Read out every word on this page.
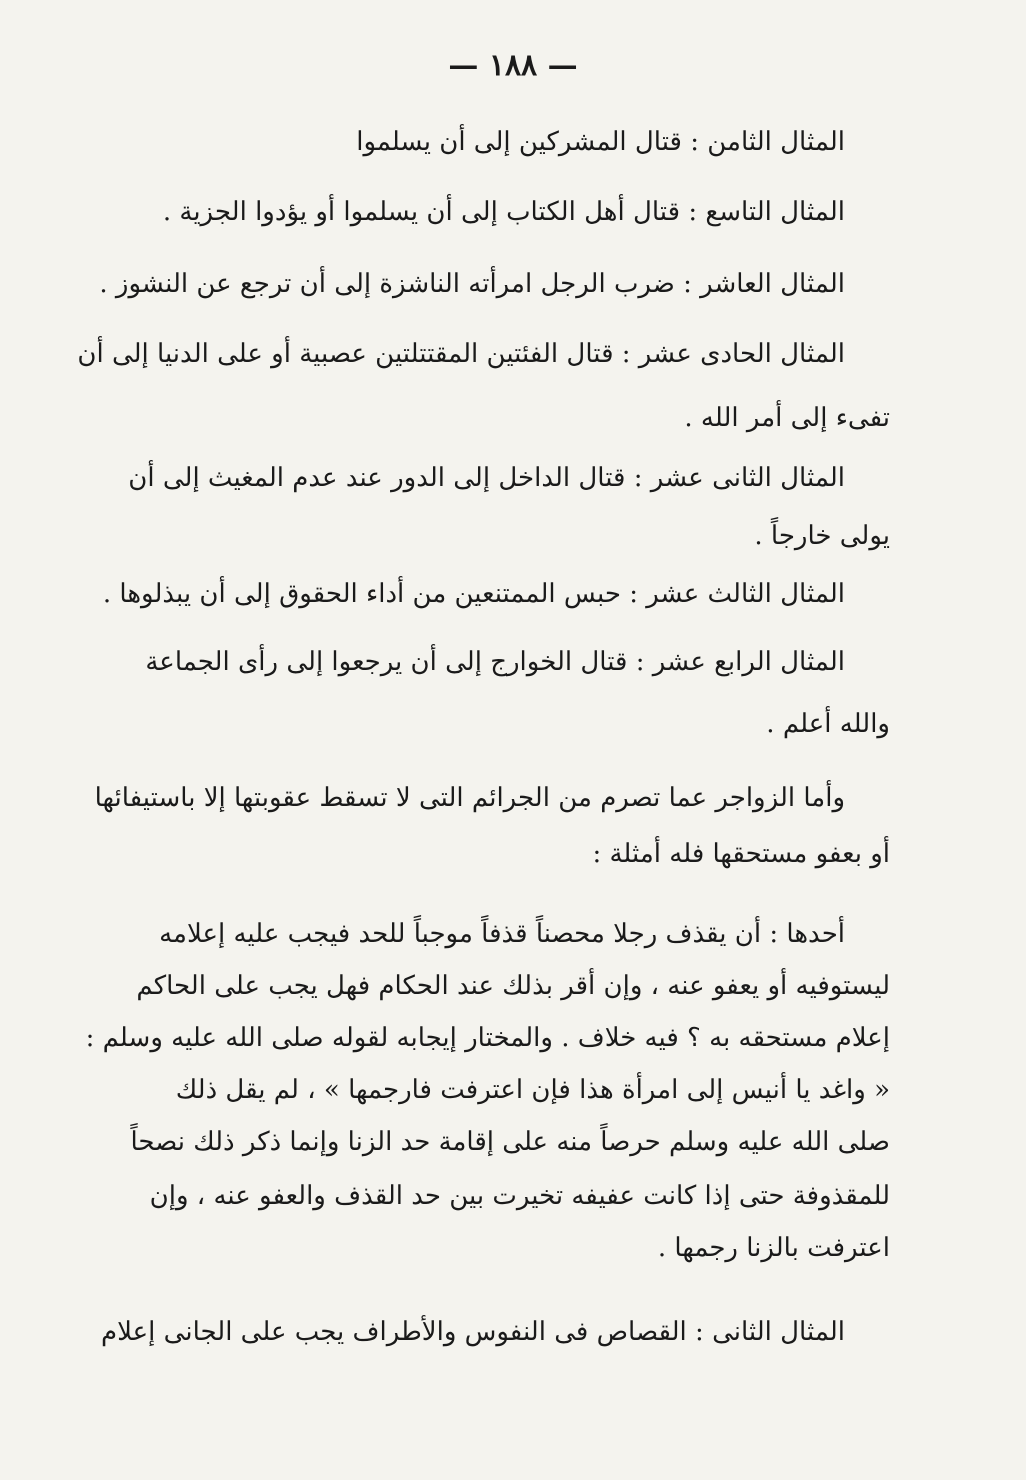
— ١٨٨ —
المثال الثامن : قتال المشركين إلى أن يسلموا
المثال التاسع : قتال أهل الكتاب إلى أن يسلموا أو يؤدوا الجزية .
المثال العاشر : ضرب الرجل امرأته الناشزة إلى أن ترجع عن النشوز .
المثال الحادى عشر : قتال الفئتين المقتتلتين عصبية أو على الدنيا إلى أن
تفىء إلى أمر الله .
المثال الثانى عشر : قتال الداخل إلى الدور عند عدم المغيث إلى أن
يولى خارجاً .
المثال الثالث عشر : حبس الممتنعين من أداء الحقوق إلى أن يبذلوها .
المثال الرابع عشر : قتال الخوارج إلى أن يرجعوا إلى رأى الجماعة
والله أعلم .
وأما الزواجر عما تصرم من الجرائم التى لا تسقط عقوبتها إلا باستيفائها
أو بعفو مستحقها فله أمثلة :
أحدها : أن يقذف رجلا محصناً قذفاً موجباً للحد فيجب عليه إعلامه
ليستوفيه أو يعفو عنه ، وإن أقر بذلك عند الحكام فهل يجب على الحاكم
إعلام مستحقه به ؟ فيه خلاف . والمختار إيجابه لقوله صلى الله عليه وسلم :
« واغد يا أنيس إلى امرأة هذا فإن اعترفت فارجمها » ، لم يقل ذلك
صلى الله عليه وسلم حرصاً منه على إقامة حد الزنا وإنما ذكر ذلك نصحاً
للمقذوفة حتى إذا كانت عفيفه تخيرت بين حد القذف والعفو عنه ، وإن
اعترفت بالزنا رجمها .
المثال الثانى : القصاص فى النفوس والأطراف يجب على الجانى إعلام
